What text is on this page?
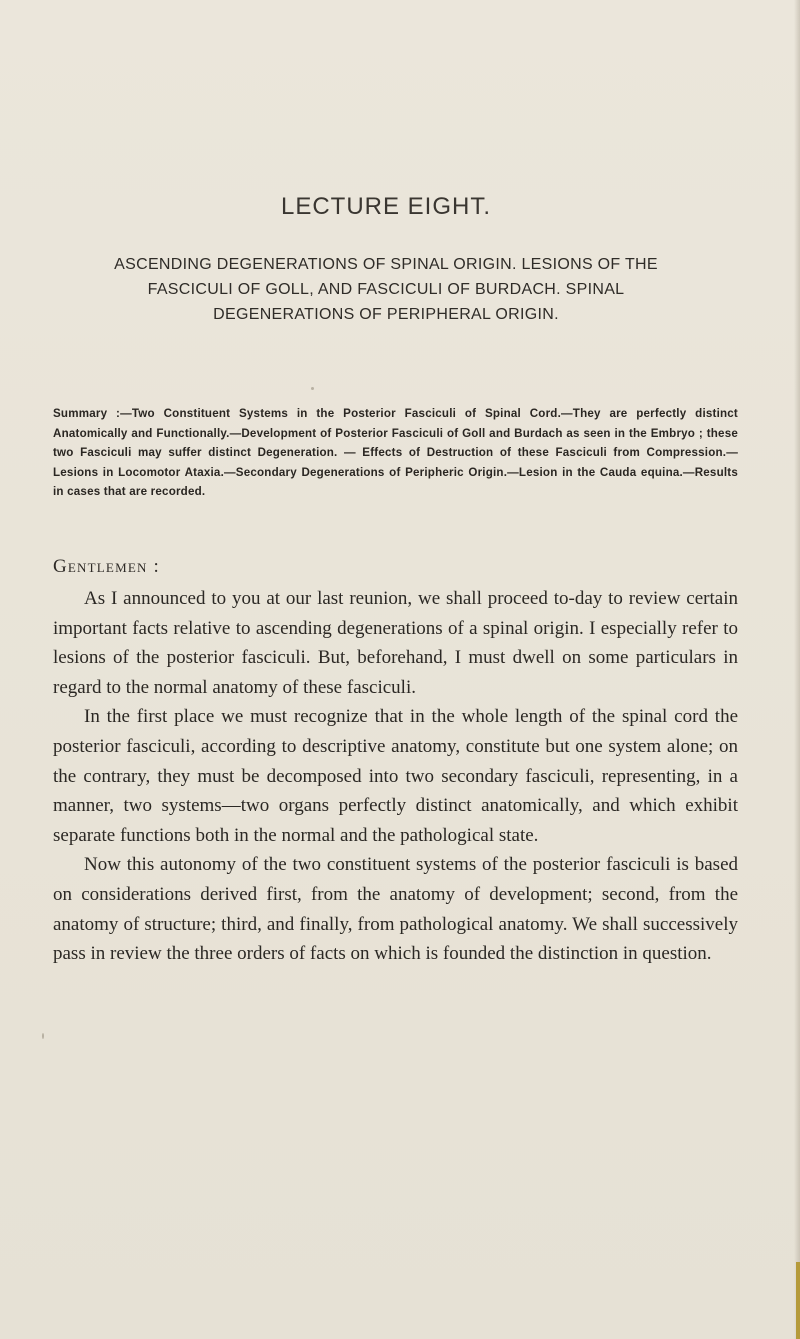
LECTURE EIGHT.

ASCENDING DEGENERATIONS OF SPINAL ORIGIN. LESIONS OF THE FASCICULI OF GOLL, AND FASCICULI OF BURDACH. SPINAL DEGENERATIONS OF PERIPHERAL ORIGIN.

Summary :—Two Constituent Systems in the Posterior Fasciculi of Spinal Cord.—They are perfectly distinct Anatomically and Functionally.—Development of Posterior Fasciculi of Goll and Burdach as seen in the Embryo ; these two Fasciculi may suffer distinct Degeneration. — Effects of Destruction of these Fasciculi from Compression.—Lesions in Locomotor Ataxia.—Secondary Degenerations of Peripheric Origin.—Lesion in the Cauda equina.—Results in cases that are recorded.

Gentlemen :

As I announced to you at our last reunion, we shall proceed to-day to review certain important facts relative to ascending degenerations of a spinal origin. I especially refer to lesions of the posterior fasciculi. But, beforehand, I must dwell on some particulars in regard to the normal anatomy of these fasciculi.

In the first place we must recognize that in the whole length of the spinal cord the posterior fasciculi, according to descriptive anatomy, constitute but one system alone; on the contrary, they must be decomposed into two secondary fasciculi, representing, in a manner, two systems—two organs perfectly distinct anatomically, and which exhibit separate functions both in the normal and the pathological state.

Now this autonomy of the two constituent systems of the posterior fasciculi is based on considerations derived first, from the anatomy of development; second, from the anatomy of structure; third, and finally, from pathological anatomy. We shall successively pass in review the three orders of facts on which is founded the distinction in question.
